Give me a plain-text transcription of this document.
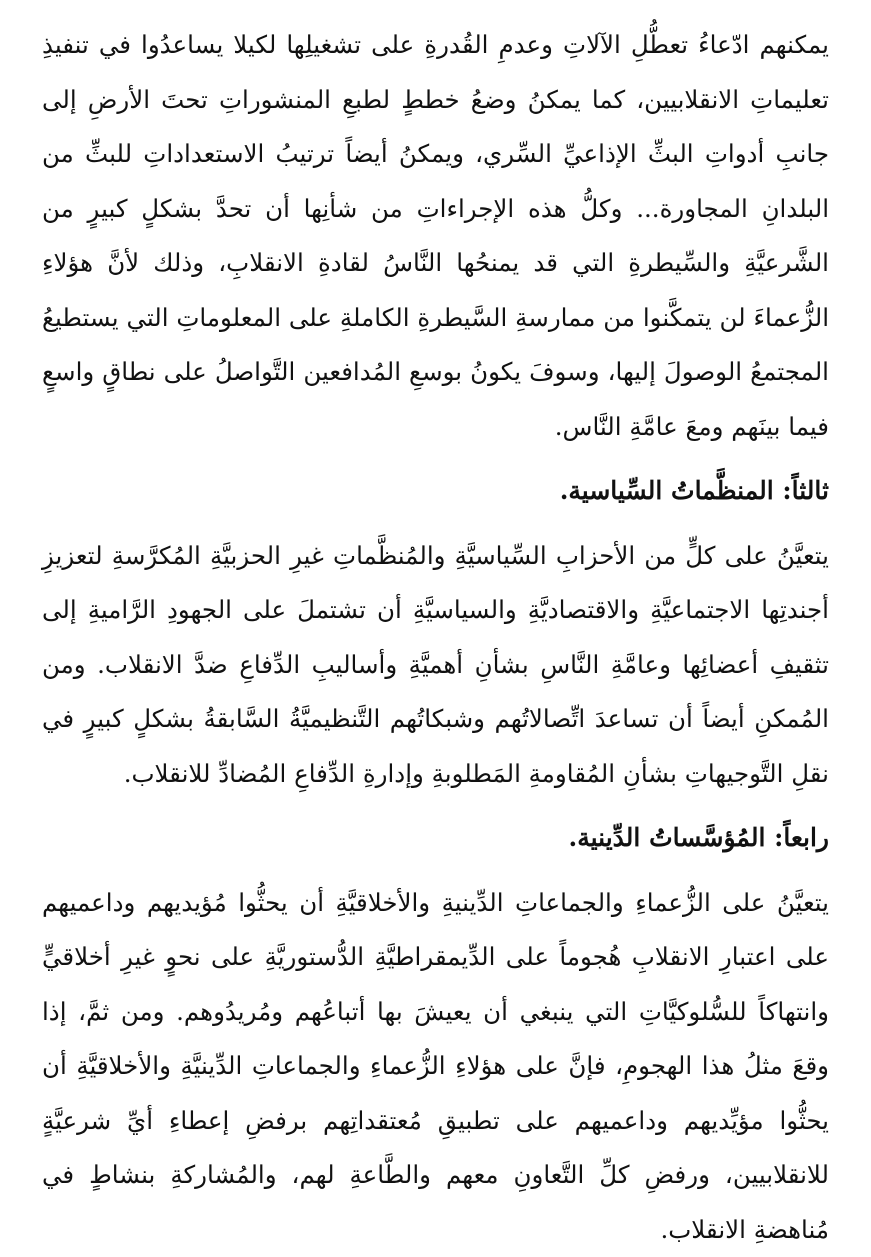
يمكنهم ادّعاءُ تعطُّلِ الآلاتِ وعدمِ القُدرةِ على تشغيلِها لكيلا يساعدُوا في تنفيذِ تعليماتِ الانقلابيين، كما يمكنُ وضعُ خططٍ لطبعِ المنشوراتِ تحتَ الأرضِ إلى جانبِ أدواتِ البثِّ الإذاعيِّ السِّري، ويمكنُ أيضاً ترتيبُ الاستعداداتِ للبثِّ من البلدانِ المجاورة... وكلُّ هذه الإجراءاتِ من شأنِها أن تحدَّ بشكلٍ كبيرٍ من الشَّرعيَّةِ والسِّيطرةِ التي قد يمنحُها النَّاسُ لقادةِ الانقلابِ، وذلك لأنَّ هؤلاءِ الزُّعماءَ لن يتمكَّنوا من ممارسةِ السَّيطرةِ الكاملةِ على المعلوماتِ التي يستطيعُ المجتمعُ الوصولَ إليها، وسوفَ يكونُ بوسعِ المُدافعين التَّواصلُ على نطاقٍ واسعٍ فيما بينَهم ومعَ عامَّةِ النَّاس.

ثالثاً: المنظَّماتُ السِّياسية.

يتعيَّنُ على كلٍّ من الأحزابِ السِّياسيَّةِ والمُنظَّماتِ غيرِ الحزبيَّةِ المُكرَّسةِ لتعزيزِ أجندتِها الاجتماعيَّةِ والاقتصاديَّةِ والسياسيَّةِ أن تشتملَ على الجهودِ الرَّاميةِ إلى تثقيفِ أعضائِها وعامَّةِ النَّاسِ بشأنِ أهميَّةِ وأساليبِ الدِّفاعِ ضدَّ الانقلاب. ومن المُمكنِ أيضاً أن تساعدَ اتِّصالاتُهم وشبكاتُهم التَّنظيميَّةُ السَّابقةُ بشكلٍ كبيرٍ في نقلِ التَّوجيهاتِ بشأنِ المُقاومةِ المَطلوبةِ وإدارةِ الدِّفاعِ المُضادِّ للانقلاب.

رابعاً: المُؤسَّساتُ الدِّينية.

يتعيَّنُ على الزُّعماءِ والجماعاتِ الدِّينيةِ والأخلاقيَّةِ أن يحثُّوا مُؤيديهم وداعميهم على اعتبارِ الانقلابِ هُجوماً على الدِّيمقراطيَّةِ الدُّستوريَّةِ على نحوٍ غيرِ أخلاقيٍّ وانتهاكاً للسُّلوكيَّاتِ التي ينبغي أن يعيشَ بها أتباعُهم ومُريدُوهم. ومن ثمَّ، إذا وقعَ مثلُ هذا الهجومِ، فإنَّ على هؤلاءِ الزُّعماءِ والجماعاتِ الدِّينيَّةِ والأخلاقيَّةِ أن يحثُّوا مؤيِّديهم وداعميهم على تطبيقِ مُعتقداتِهم برفضِ إعطاءِ أيِّ شرعيَّةٍ للانقلابيين، ورفضِ كلِّ التَّعاونِ معهم والطَّاعةِ لهم، والمُشاركةِ بنشاطٍ في مُناهضةِ الانقلاب.
